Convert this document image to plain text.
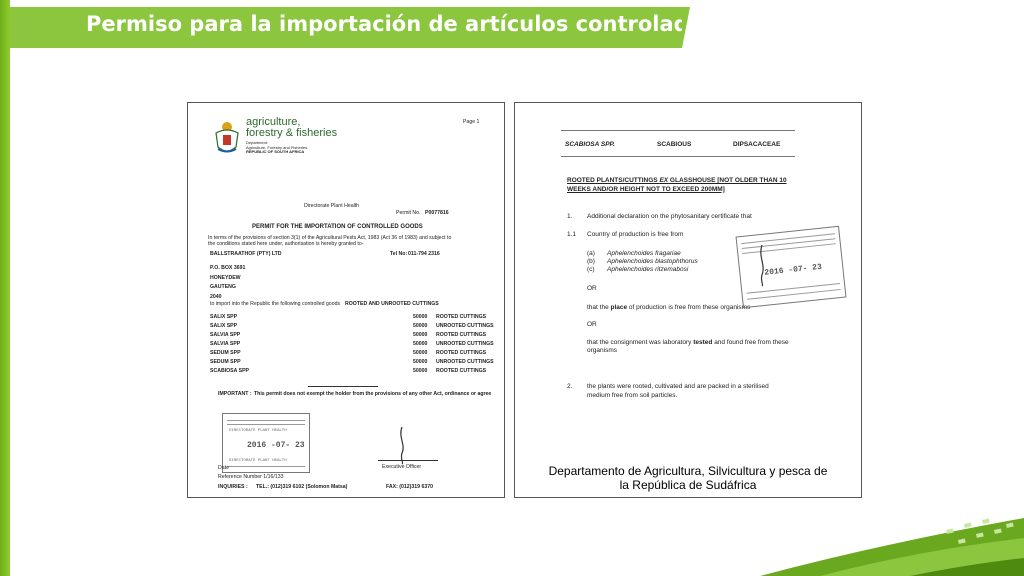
Permiso para la importación de artículos controlados
agriculture,
forestry & fisheries
Department:
Agriculture, Forestry and Fisheries
REPUBLIC OF SOUTH AFRICA
Page 1
Directorate Plant Health
Permit No. P0077816
PERMIT FOR THE IMPORTATION OF CONTROLLED GOODS
In terms of the provisions of section 3(1) of the Agricultural Pests Act, 1983 (Act 36 of 1983) and subject to
the conditions stated here under, authorisation is hereby granted to-
BALLSTRAATHOF (PTY) LTD	Tel No: 011-794 2316
P.O. BOX 3691
HONEYDEW
GAUTENG
2040
to import into the Republic the following controlled goods ROOTED AND UNROOTED CUTTINGS
SALIX SPP	50000 ROOTED CUTTINGS
SALIX SPP	50000 UNROOTED CUTTINGS
SALVIA SPP	50000 ROOTED CUTTINGS
SALVIA SPP	50000 UNROOTED CUTTINGS
SEDUM SPP	50000 ROOTED CUTTINGS
SEDUM SPP	50000 UNROOTED CUTTINGS
SCABIOSA SPP	50000 ROOTED CUTTINGS
IMPORTANT : This permit does not exempt the holder from the provisions of any other Act, ordinance or agree
DIRECTORATE PLANT HEALTH
2016 -07- 23
DIRECTORATE PLANT HEALTH
Date	Executive Officer
Reference Number 1/16/133
INQUIRIES : TEL.: (012)319 6102 (Solomon Matsa)	FAX: (012)319 6370
SCABIOSA SPP.	SCABIOUS	DIPSACACEAE
ROOTED PLANTS/CUTTINGS EX GLASSHOUSE [NOT OLDER THAN 10
WEEKS AND/OR HEIGHT NOT TO EXCEED 200MM]
1. Additional declaration on the phytosanitary certificate that
1.1 Country of production is free from
(a) Aphelenchoides fragariae
(b) Aphelenchoides blastophthorus
(c) Aphelenchoides ritzemabosi
OR
that the place of production is free from these organisms
OR
that the consignment was laboratory tested and found free from these
organisms
2. the plants were rooted, cultivated and are packed in a sterilised
medium free from soil particles.
2016 -07- 23
Departamento de Agricultura, Silvicultura y pesca de
la República de Sudáfrica
